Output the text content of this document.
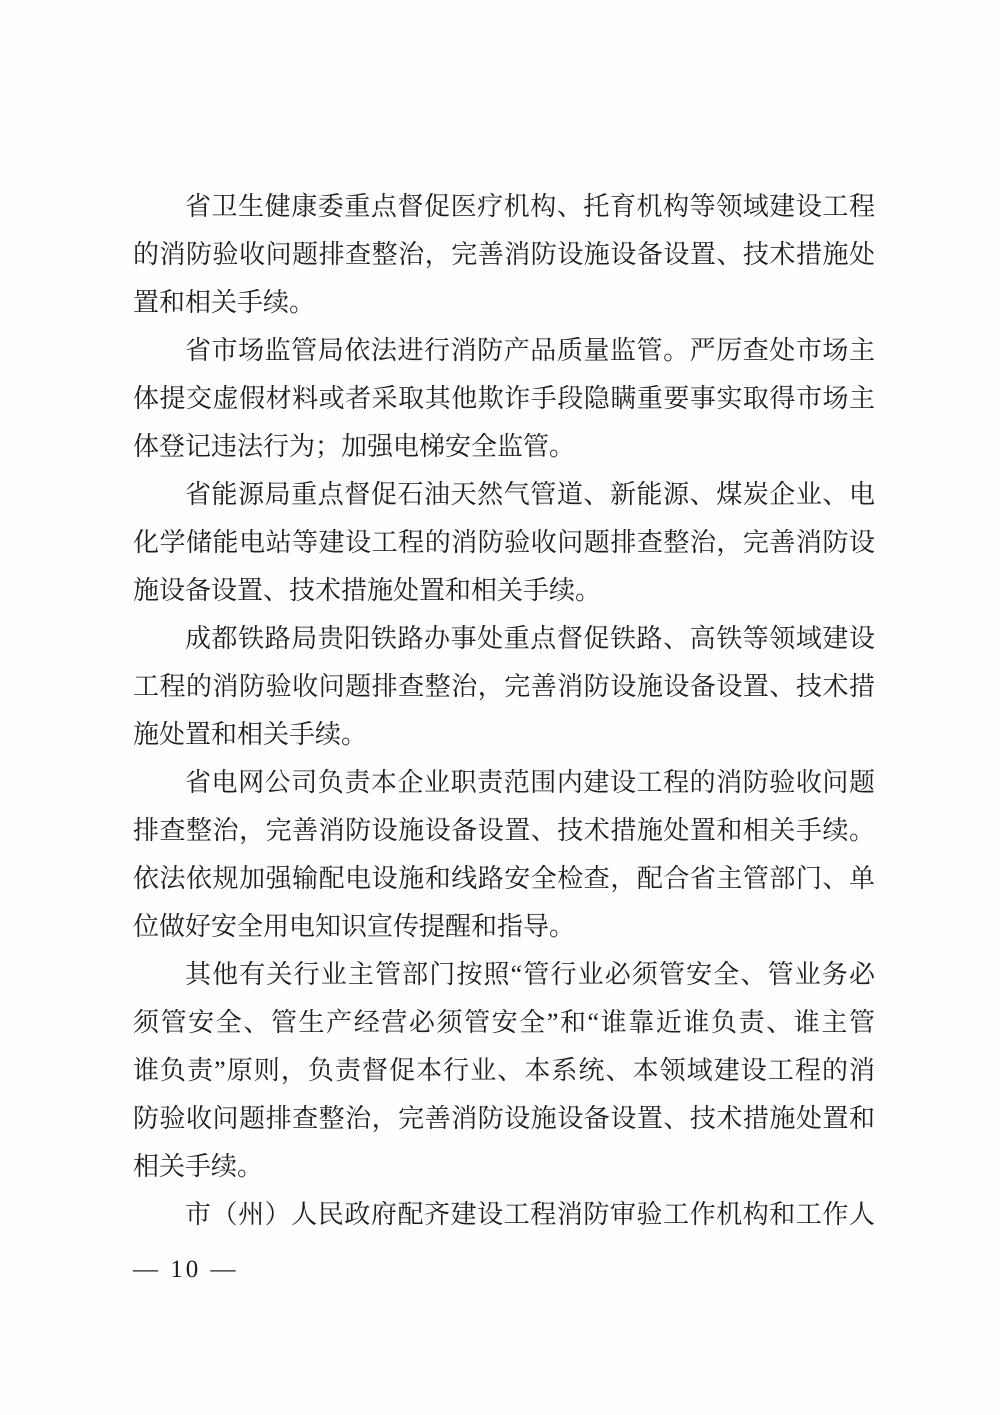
省卫生健康委重点督促医疗机构、托育机构等领域建设工程
的消防验收问题排查整治，完善消防设施设备设置、技术措施处
置和相关手续。
省市场监管局依法进行消防产品质量监管。严厉查处市场主
体提交虚假材料或者采取其他欺诈手段隐瞒重要事实取得市场主
体登记违法行为；加强电梯安全监管。
省能源局重点督促石油天然气管道、新能源、煤炭企业、电
化学储能电站等建设工程的消防验收问题排查整治，完善消防设
施设备设置、技术措施处置和相关手续。
成都铁路局贵阳铁路办事处重点督促铁路、高铁等领域建设
工程的消防验收问题排查整治，完善消防设施设备设置、技术措
施处置和相关手续。
省电网公司负责本企业职责范围内建设工程的消防验收问题
排查整治，完善消防设施设备设置、技术措施处置和相关手续。
依法依规加强输配电设施和线路安全检查，配合省主管部门、单
位做好安全用电知识宣传提醒和指导。
其他有关行业主管部门按照“管行业必须管安全、管业务必
须管安全、管生产经营必须管安全”和“谁靠近谁负责、谁主管
谁负责”原则，负责督促本行业、本系统、本领域建设工程的消
防验收问题排查整治，完善消防设施设备设置、技术措施处置和
相关手续。
市（州）人民政府配齐建设工程消防审验工作机构和工作人
— 10 —
